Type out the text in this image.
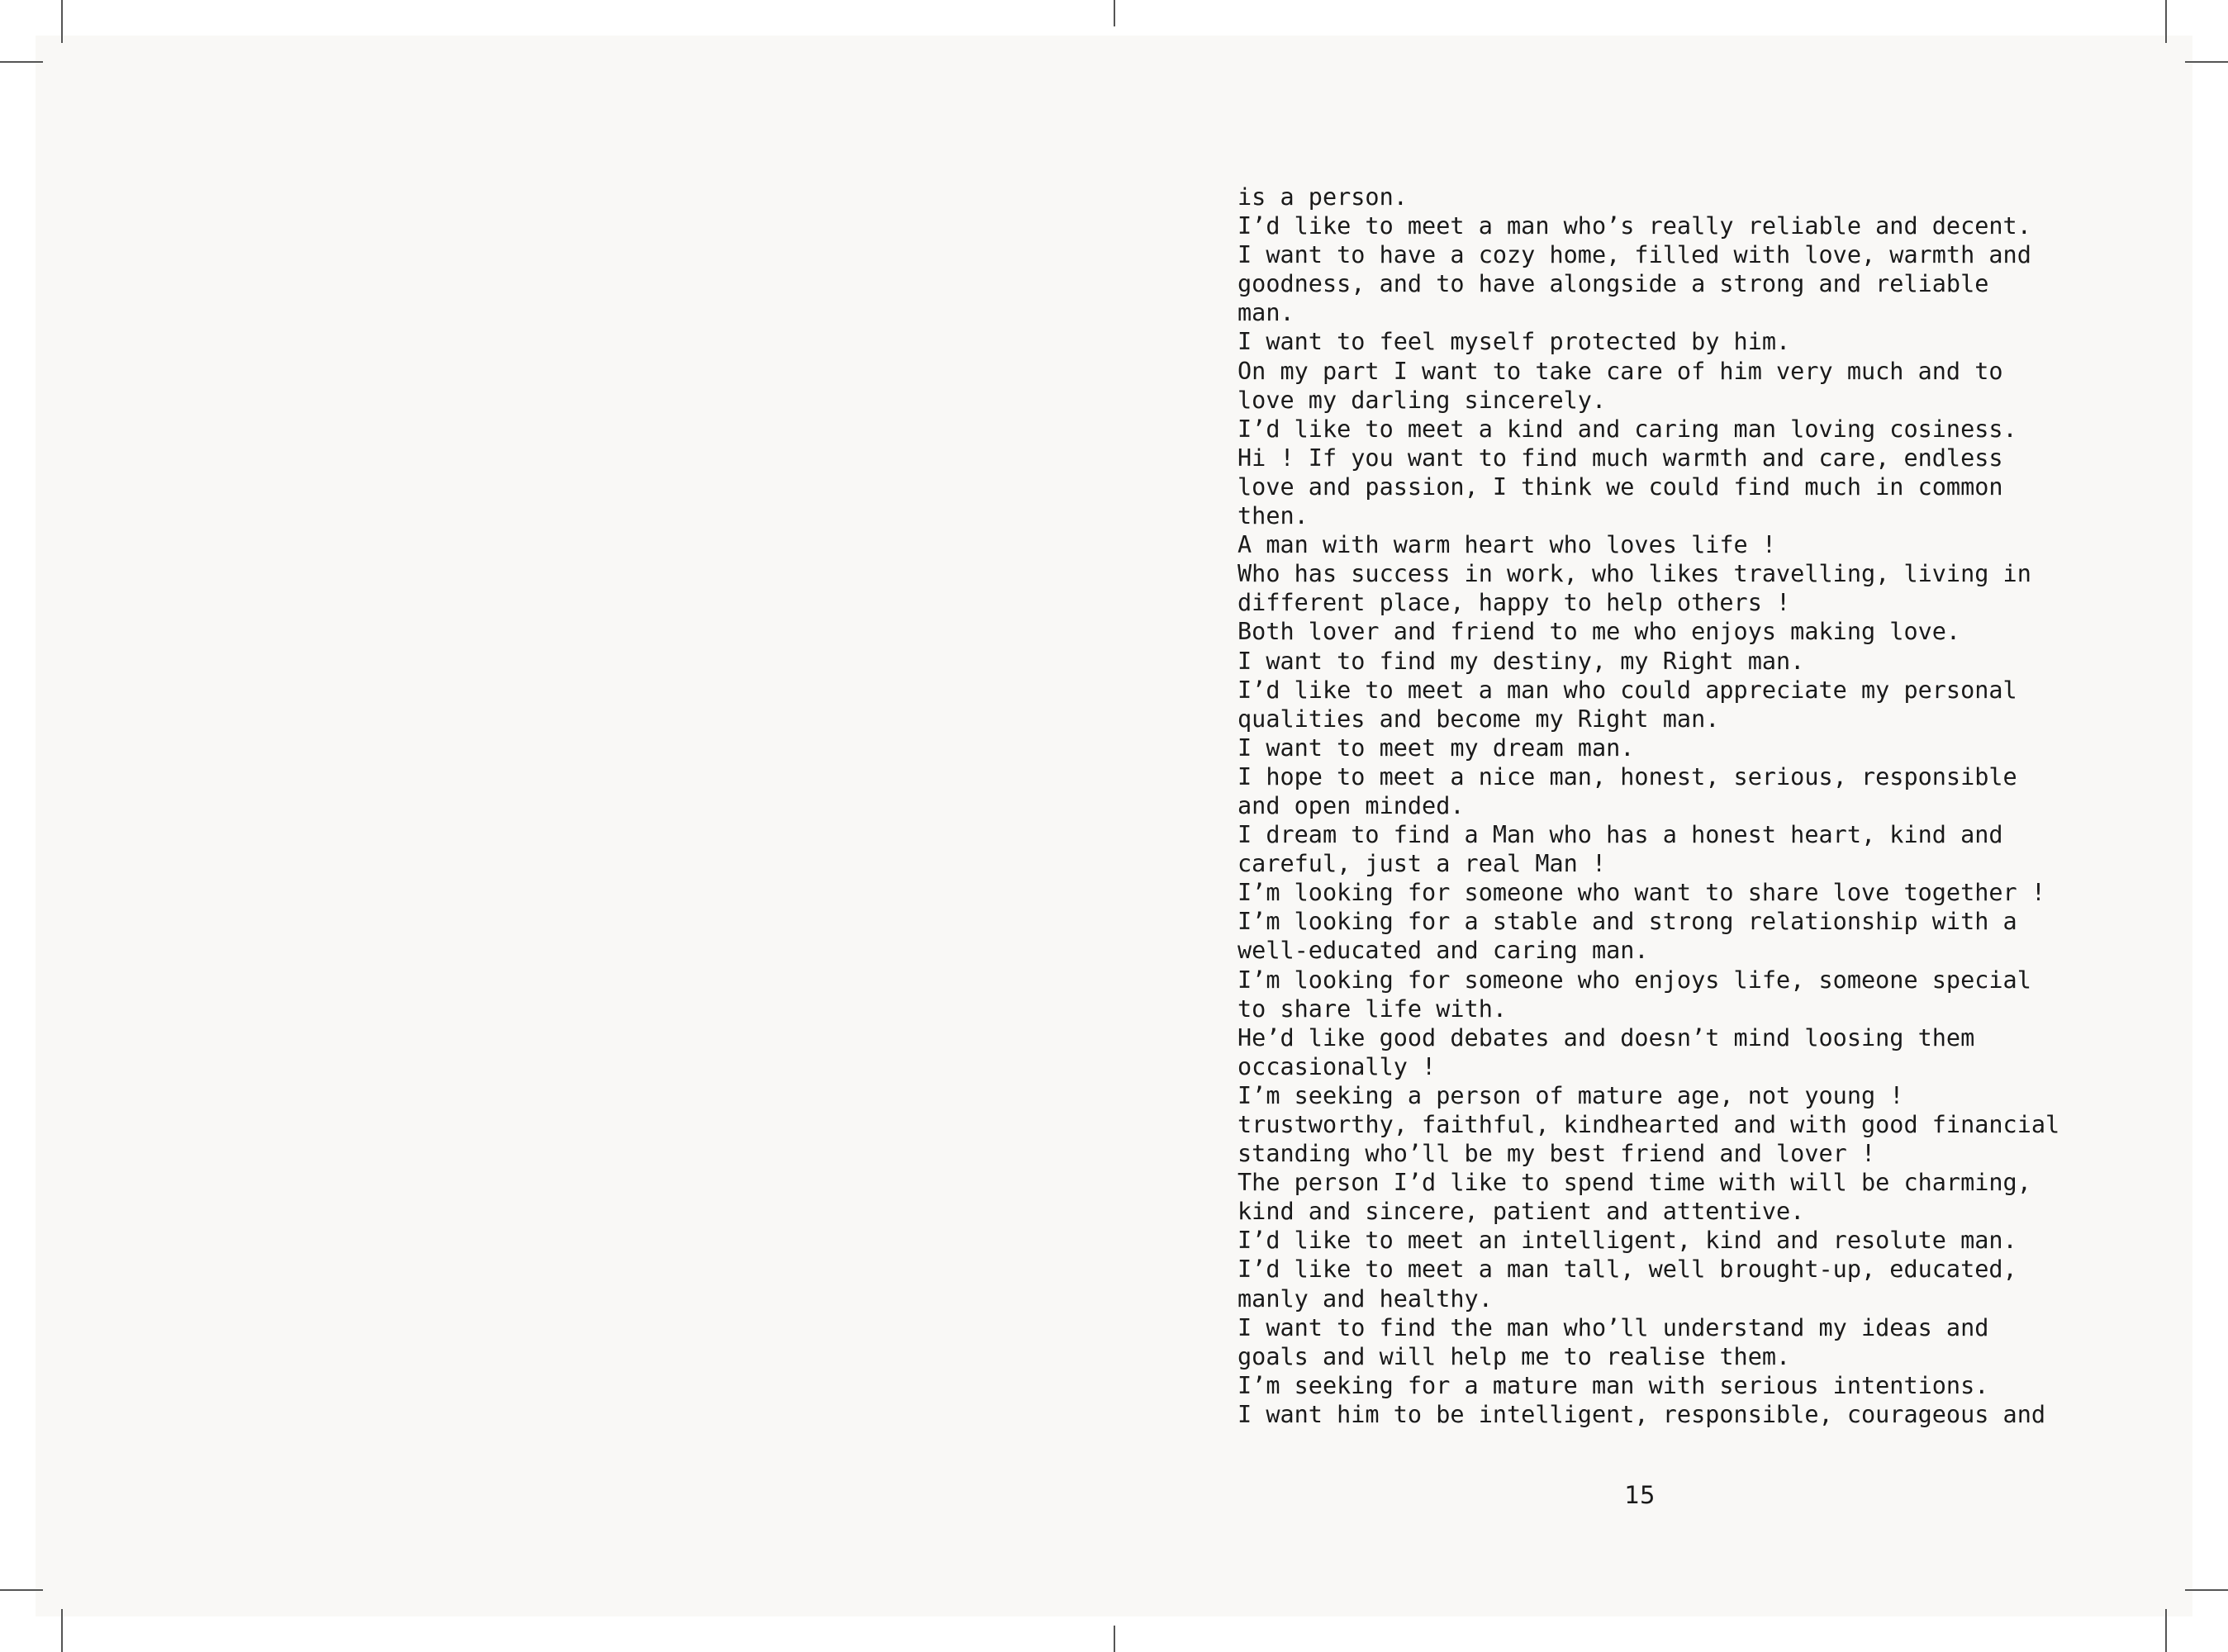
is a person.
I’d like to meet a man who’s really reliable and decent.
I want to have a cozy home, filled with love, warmth and
goodness, and to have alongside a strong and reliable
man.
I want to feel myself protected by him.
On my part I want to take care of him very much and to
love my darling sincerely.
I’d like to meet a kind and caring man loving cosiness.
Hi ! If you want to find much warmth and care, endless
love and passion, I think we could find much in common
then.
A man with warm heart who loves life !
Who has success in work, who likes travelling, living in
different place, happy to help others !
Both lover and friend to me who enjoys making love.
I want to find my destiny, my Right man.
I’d like to meet a man who could appreciate my personal
qualities and become my Right man.
I want to meet my dream man.
I hope to meet a nice man, honest, serious, responsible
and open minded.
I dream to find a Man who has a honest heart, kind and
careful, just a real Man !
I’m looking for someone who want to share love together !
I’m looking for a stable and strong relationship with a
well-educated and caring man.
I’m looking for someone who enjoys life, someone special
to share life with.
He’d like good debates and doesn’t mind loosing them
occasionally !
I’m seeking a person of mature age, not young !
trustworthy, faithful, kindhearted and with good financial
standing who’ll be my best friend and lover !
The person I’d like to spend time with will be charming,
kind and sincere, patient and attentive.
I’d like to meet an intelligent, kind and resolute man.
I’d like to meet a man tall, well brought-up, educated,
manly and healthy.
I want to find the man who’ll understand my ideas and
goals and will help me to realise them.
I’m seeking for a mature man with serious intentions.
I want him to be intelligent, responsible, courageous and
15
